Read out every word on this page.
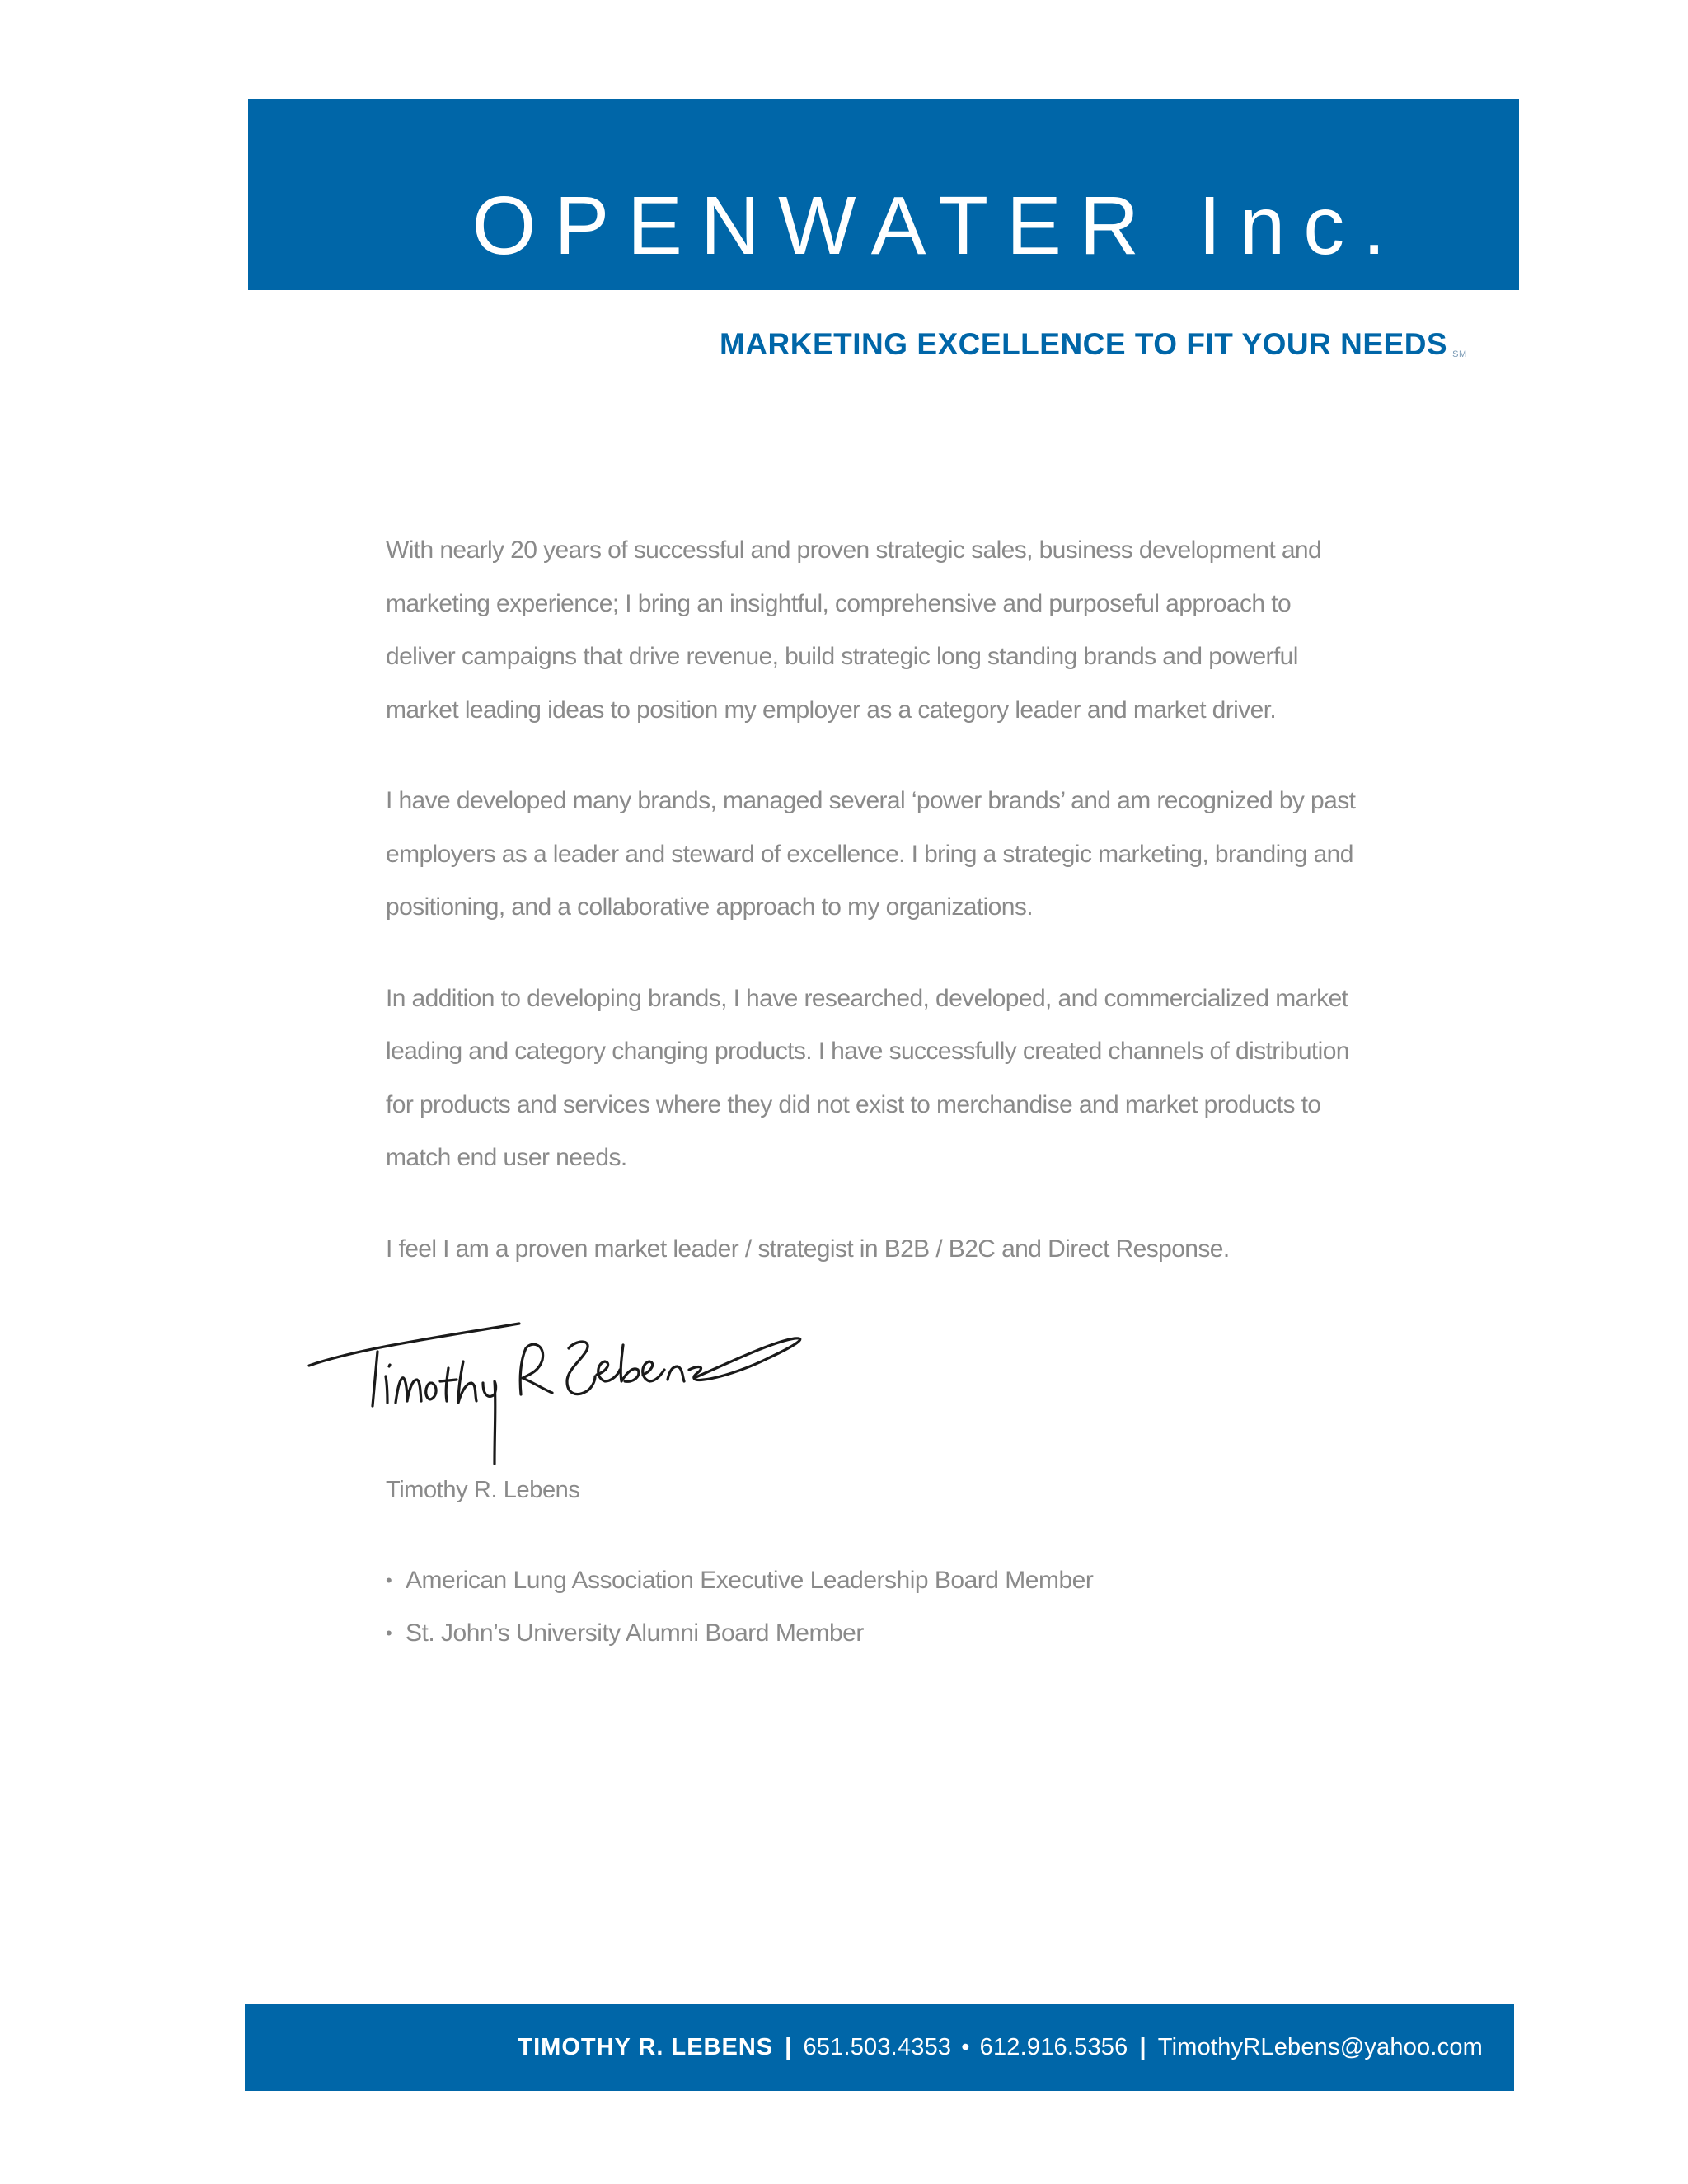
OPENWATER Inc.
MARKETING EXCELLENCE TO FIT YOUR NEEDS ℠

With nearly 20 years of successful and proven strategic sales, business development and marketing experience; I bring an insightful, comprehensive and purposeful approach to deliver campaigns that drive revenue, build strategic long standing brands and powerful market leading ideas to position my employer as a category leader and market driver.

I have developed many brands, managed several ‘power brands’ and am recognized by past employers as a leader and steward of excellence. I bring a strategic marketing, branding and positioning, and a collaborative approach to my organizations.

In addition to developing brands, I have researched, developed, and commercialized market leading and category changing products. I have successfully created channels of distribution for products and services where they did not exist to merchandise and market products to match end user needs.

I feel I am a proven market leader / strategist in B2B / B2C and Direct Response.

Timothy R. Lebens

• American Lung Association Executive Leadership Board Member
• St. John’s University Alumni Board Member

TIMOTHY R. LEBENS | 651.503.4353 • 612.916.5356 | TimothyRLebens@yahoo.com
